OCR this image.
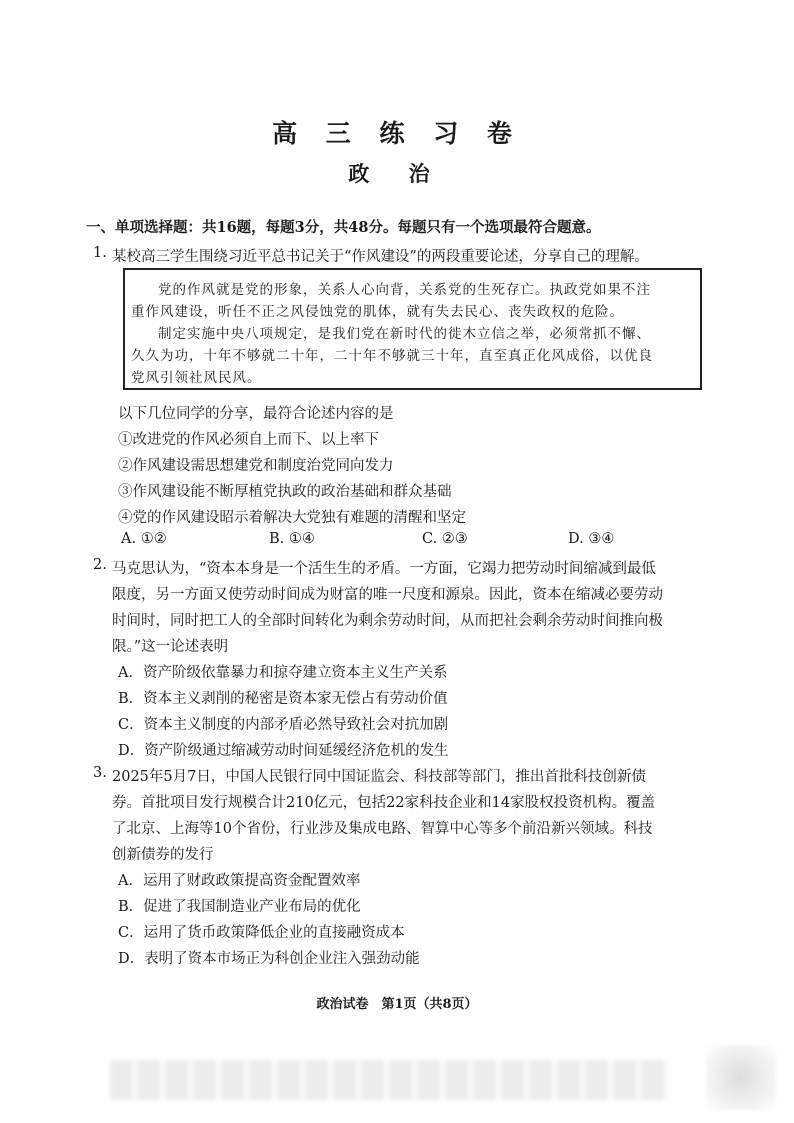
高 三 练 习 卷
政 治
一、单项选择题：共16题，每题3分，共48分。每题只有一个选项最符合题意。
1. 某校高三学生围绕习近平总书记关于“作风建设”的两段重要论述，分享自己的理解。
党的作风就是党的形象，关系人心向背，关系党的生死存亡。执政党如果不注
重作风建设，听任不正之风侵蚀党的肌体，就有失去民心、丧失政权的危险。
制定实施中央八项规定，是我们党在新时代的徙木立信之举，必须常抓不懈、
久久为功，十年不够就二十年，二十年不够就三十年，直至真正化风成俗，以优良
党风引领社风民风。
以下几位同学的分享，最符合论述内容的是
①改进党的作风必须自上而下、以上率下
②作风建设需思想建党和制度治党同向发力
③作风建设能不断厚植党执政的政治基础和群众基础
④党的作风建设昭示着解决大党独有难题的清醒和坚定
A. ①②	B. ①④	C. ②③	D. ③④
2. 马克思认为，“资本本身是一个活生生的矛盾。一方面，它竭力把劳动时间缩减到最低
限度，另一方面又使劳动时间成为财富的唯一尺度和源泉。因此，资本在缩减必要劳动
时间时，同时把工人的全部时间转化为剩余劳动时间，从而把社会剩余劳动时间推向极
限。”这一论述表明
A．资产阶级依靠暴力和掠夺建立资本主义生产关系
B．资本主义剥削的秘密是资本家无偿占有劳动价值
C．资本主义制度的内部矛盾必然导致社会对抗加剧
D．资产阶级通过缩减劳动时间延缓经济危机的发生
3. 2025年5月7日，中国人民银行同中国证监会、科技部等部门，推出首批科技创新债
券。首批项目发行规模合计210亿元，包括22家科技企业和14家股权投资机构。覆盖
了北京、上海等10个省份，行业涉及集成电路、智算中心等多个前沿新兴领域。科技
创新债券的发行
A．运用了财政政策提高资金配置效率
B．促进了我国制造业产业布局的优化
C．运用了货币政策降低企业的直接融资成本
D．表明了资本市场正为科创企业注入强劲动能
政治试卷　第1页（共8页）
